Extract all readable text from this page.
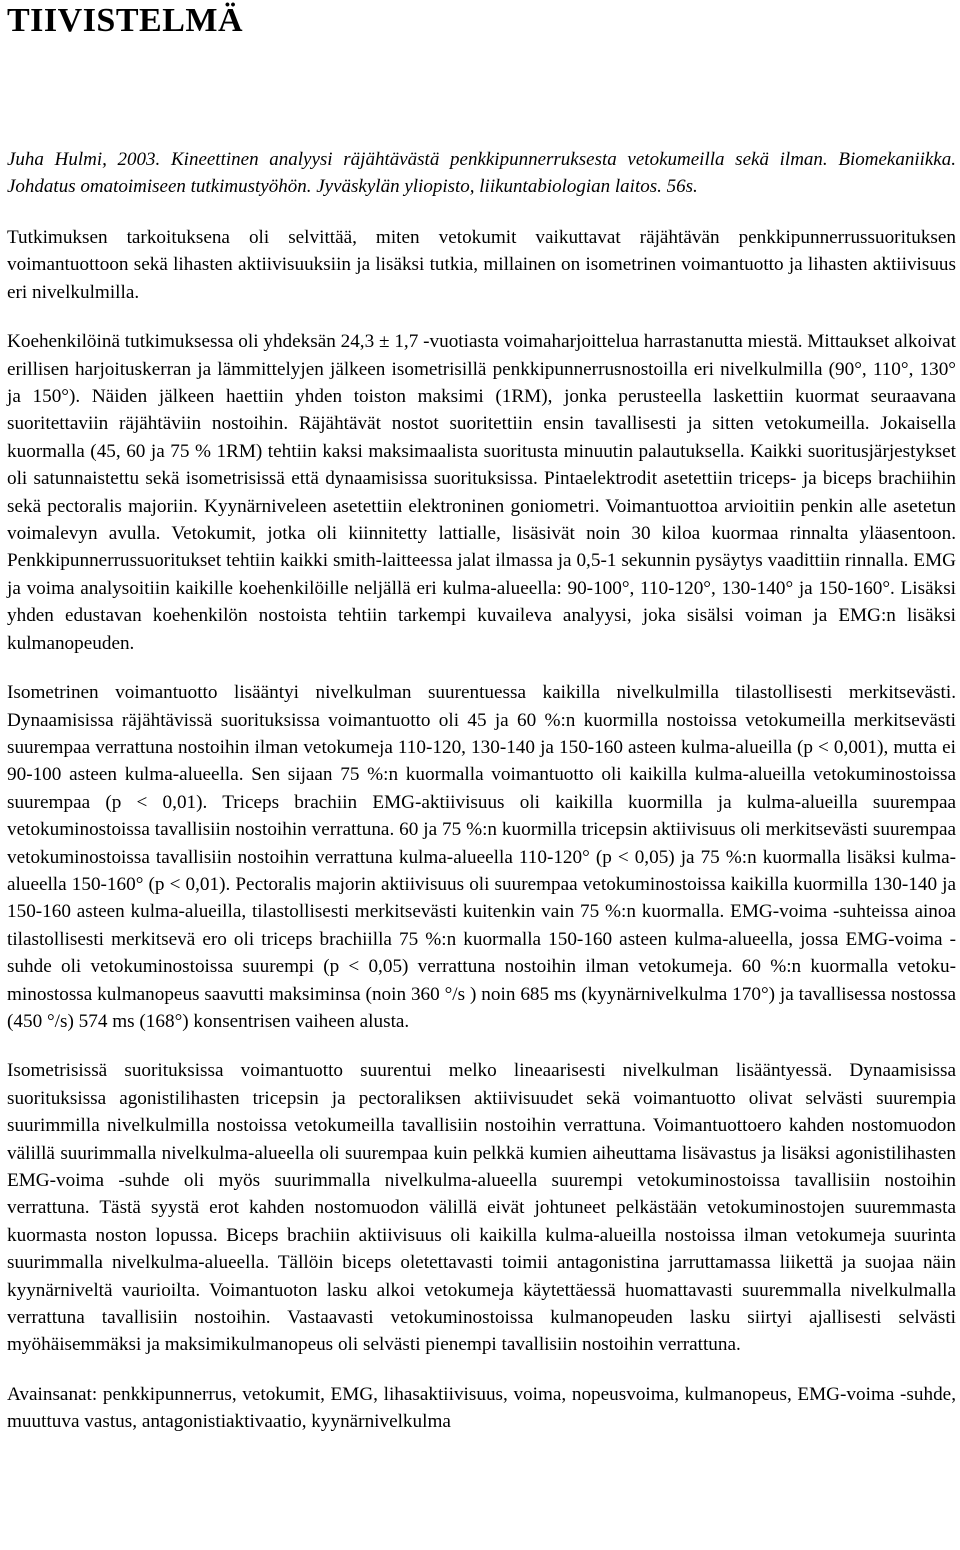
TIIVISTELMÄ

Juha Hulmi, 2003. Kineettinen analyysi räjähtävästä penkkipunnerruksesta vetokumeilla sekä ilman. Biomekaniikka. Johdatus omatoimiseen tutkimustyöhön. Jyväskylän yliopisto, liikuntabiologian laitos. 56s.

Tutkimuksen tarkoituksena oli selvittää, miten vetokumit vaikuttavat räjähtävän penkkipunnerrussuorituksen voimantuottoon sekä lihasten aktiivisuuksiin ja lisäksi tutkia, millainen on isometrinen voimantuotto ja lihasten aktiivisuus eri nivelkulmilla.

Koehenkilöinä tutkimuksessa oli yhdeksän 24,3 ± 1,7 -vuotiasta voimaharjoittelua harrastanutta miestä. Mittaukset alkoivat erillisen harjoituskerran ja lämmittelyjen jälkeen isometrisillä penkkipunnerrusnostoilla eri nivelkulmilla (90°, 110°, 130° ja 150°). Näiden jälkeen haettiin yhden toiston maksimi (1RM), jonka perusteella laskettiin kuormat seuraavana suoritettaviin räjähtäviin nostoihin. Räjähtävät nostot suoritettiin ensin tavallisesti ja sitten vetokumeilla. Jokaisella kuormalla (45, 60 ja 75 % 1RM) tehtiin kaksi maksimaalista suoritusta minuutin palautuksella. Kaikki suoritusjärjestykset oli satunnaistettu sekä isometrisissä että dynaamisissa suorituksissa. Pintaelektrodit asetettiin triceps- ja biceps brachiihin sekä pectoralis majoriin. Kyynärniveleen asetettiin elektroninen goniometri. Voimantuottoa arvioitiin penkin alle asetetun voimalevyn avulla. Vetokumit, jotka oli kiinnitetty lattialle, lisäsivät noin 30 kiloa kuormaa rinnalta yläasentoon. Penkkipunnerrussuoritukset tehtiin kaikki smith-laitteessa jalat ilmassa ja 0,5-1 sekunnin pysäytys vaadittiin rinnalla. EMG ja voima analysoitiin kaikille koehenkilöille neljällä eri kulma-alueella: 90-100°, 110-120°, 130-140° ja 150-160°. Lisäksi yhden edustavan koehenkilön nostoista tehtiin tarkempi kuvaileva analyysi, joka sisälsi voiman ja EMG:n lisäksi kulmanopeuden.

Isometrinen voimantuotto lisääntyi nivelkulman suurentuessa kaikilla nivelkulmilla tilastollisesti merkitsevästi. Dynaamisissa räjähtävissä suorituksissa voimantuotto oli 45 ja 60 %:n kuormilla nostoissa vetokumeilla merkitsevästi suurempaa verrattuna nostoihin ilman vetokumeja 110-120, 130-140 ja 150-160 asteen kulma-alueilla (p < 0,001), mutta ei 90-100 asteen kulma-alueella. Sen sijaan 75 %:n kuormalla voimantuotto oli kaikilla kulma-alueilla vetokuminostoissa suurempaa (p < 0,01). Triceps brachiin EMG-aktiivisuus oli kaikilla kuormilla ja kulma-alueilla suurempaa vetokuminostoissa tavallisiin nostoihin verrattuna. 60 ja 75 %:n kuormilla tricepsin aktiivisuus oli merkitsevästi suurempaa vetokuminostoissa tavallisiin nostoihin verrattuna kulma-alueella 110-120° (p < 0,05) ja 75 %:n kuormalla lisäksi kulma-alueella 150-160° (p < 0,01). Pectoralis majorin aktiivisuus oli suurempaa vetokuminostoissa kaikilla kuormilla 130-140 ja 150-160 asteen kulma-alueilla, tilastollisesti merkitsevästi kuitenkin vain 75 %:n kuormalla. EMG-voima -suhteissa ainoa tilastollisesti merkitsevä ero oli triceps brachiilla 75 %:n kuormalla 150-160 asteen kulma-alueella, jossa EMG-voima -suhde oli vetokuminostoissa suurempi (p < 0,05) verrattuna nostoihin ilman vetokumeja. 60 %:n kuormalla vetokuminostossa kulmanopeus saavutti maksiminsa (noin 360 °/s ) noin 685 ms (kyynärnivelkulma 170°) ja tavallisessa nostossa (450 °/s) 574 ms (168°) konsentrisen vaiheen alusta.

Isometrisissä suorituksissa voimantuotto suurentui melko lineaarisesti nivelkulman lisääntyessä. Dynaamisissa suorituksissa agonistilihasten tricepsin ja pectoraliksen aktiivisuudet sekä voimantuotto olivat selvästi suurempia suurimmilla nivelkulmilla nostoissa vetokumeilla tavallisiin nostoihin verrattuna. Voimantuottoero kahden nostomuodon välillä suurimmalla nivelkulma-alueella oli suurempaa kuin pelkkä kumien aiheuttama lisävastus ja lisäksi agonistilihasten EMG-voima -suhde oli myös suurimmalla nivelkulma-alueella suurempi vetokuminostoissa tavallisiin nostoihin verrattuna. Tästä syystä erot kahden nostomuodon välillä eivät johtuneet pelkästään vetokuminostojen suuremmasta kuormasta noston lopussa. Biceps brachiin aktiivisuus oli kaikilla kulma-alueilla nostoissa ilman vetokumeja suurinta suurimmalla nivelkulma-alueella. Tällöin biceps oletettavasti toimii antagonistina jarruttamassa liikettä ja suojaa näin kyynärniveltä vaurioilta. Voimantuoton lasku alkoi vetokumeja käytettäessä huomattavasti suuremmalla nivelkulmalla verrattuna tavallisiin nostoihin. Vastaavasti vetokuminostoissa kulmanopeuden lasku siirtyi ajallisesti selvästi myöhäisemmäksi ja maksimikulmanopeus oli selvästi pienempi tavallisiin nostoihin verrattuna.

Avainsanat: penkkipunnerrus, vetokumit, EMG, lihasaktiivisuus, voima, nopeusvoima, kulmanopeus, EMG-voima -suhde, muuttuva vastus, antagonistiaktivaatio, kyynärnivelkulma
